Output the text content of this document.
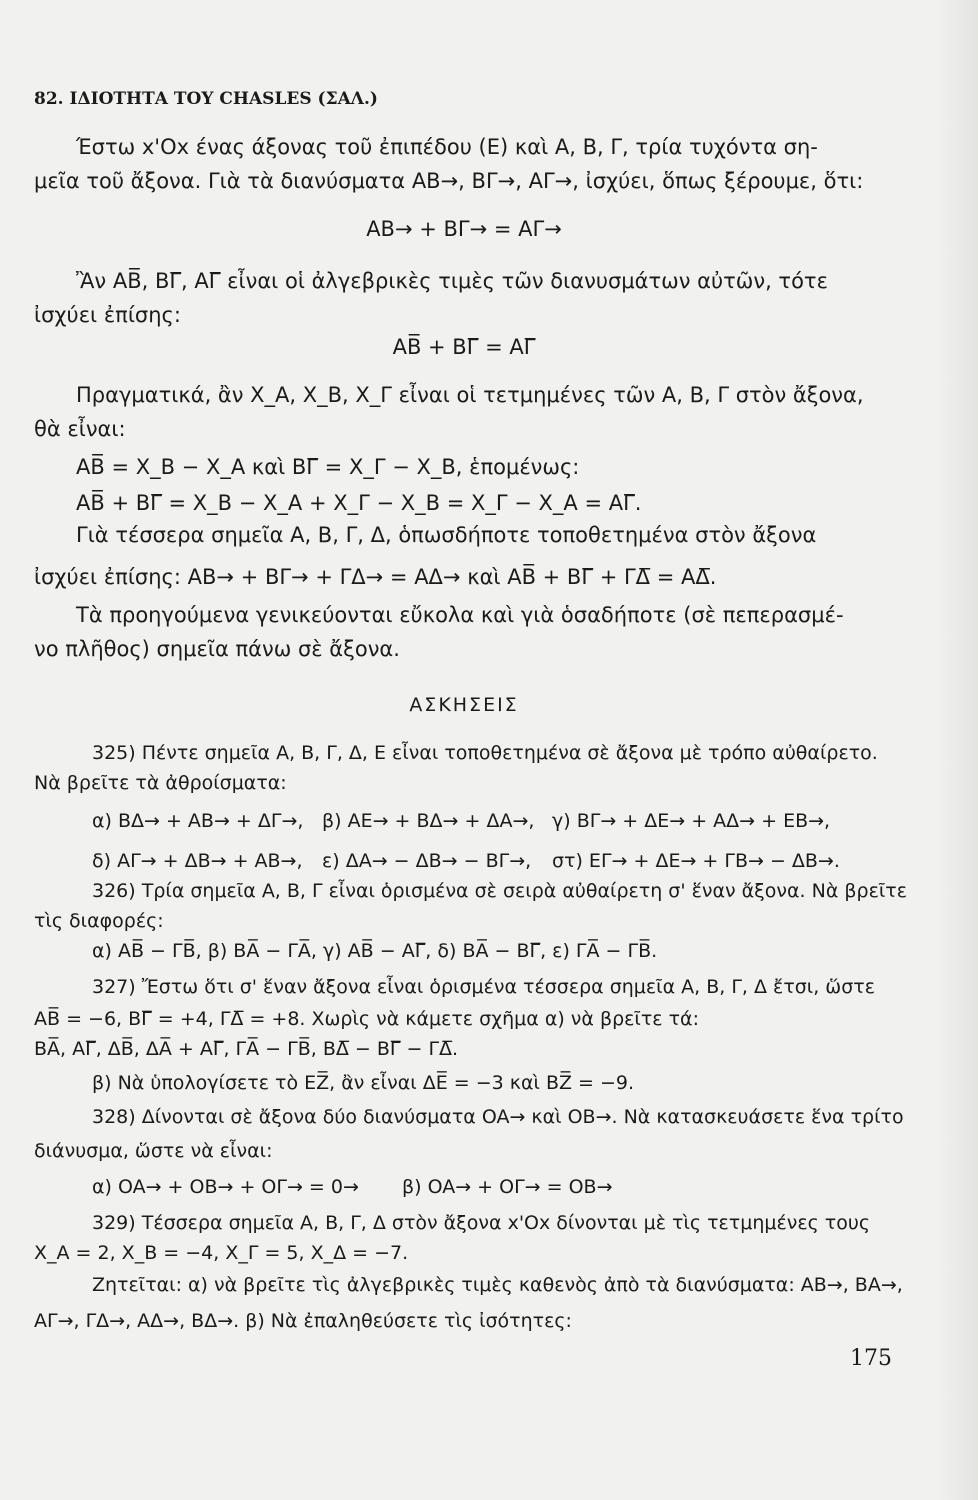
82. ΙΔΙΟΤΗΤΑ ΤΟΥ CHASLES (ΣΑΛ.)
Έστω x'Ox ένας άξονας τοῦ ἐπιπέδου (Ε) καὶ Α, Β, Γ, τρία τυχόντα ση-
μεῖα τοῦ ἄξονα. Γιὰ τὰ διανύσματα AB→, BΓ→, AΓ→, ἰσχύει, ὅπως ξέρουμε, ὅτι:
AB→ + BΓ→ = AΓ→
Ἂν AB̅, BΓ̅, AΓ̅ εἶναι οἱ ἀλγεβρικὲς τιμὲς τῶν διανυσμάτων αὐτῶν, τότε
ἰσχύει ἐπίσης:
AB̅ + BΓ̅ = AΓ̅
Πραγματικά, ἂν X_A, X_B, X_Γ εἶναι οἱ τετμημένες τῶν Α, Β, Γ στὸν ἄξονα,
θὰ εἶναι:
AB̅ = X_B − X_A καὶ BΓ̅ = X_Γ − X_B, ἑπομένως:
AB̅ + BΓ̅ = X_B − X_A + X_Γ − X_B = X_Γ − X_A = AΓ̅.
Γιὰ τέσσερα σημεῖα Α, Β, Γ, Δ, ὁπωσδήποτε τοποθετημένα στὸν ἄξονα
ἰσχύει ἐπίσης: AB→ + BΓ→ + ΓΔ→ = AΔ→ καὶ AB̅ + BΓ̅ + ΓΔ̅ = AΔ̅.
Τὰ προηγούμενα γενικεύονται εὔκολα καὶ γιὰ ὁσαδήποτε (σὲ πεπερασμέ-
νο πλῆθος) σημεῖα πάνω σὲ ἄξονα.
ΑΣΚΗΣΕΙΣ
325) Πέντε σημεῖα Α, Β, Γ, Δ, Ε εἶναι τοποθετημένα σὲ ἄξονα μὲ τρόπο αὐθαίρετο.
Νὰ βρεῖτε τὰ ἀθροίσματα:
α) BΔ→ + AB→ + ΔΓ→, β) AE→ + BΔ→ + ΔA→, γ) BΓ→ + ΔE→ + AΔ→ + EB→,
δ) AΓ→ + ΔB→ + AB→, ε) ΔA→ − ΔB→ − BΓ→, στ) EΓ→ + ΔE→ + ΓB→ − ΔB→.
326) Τρία σημεῖα Α, Β, Γ εἶναι ὁρισμένα σὲ σειρὰ αὐθαίρετη σ' ἕναν ἄξονα. Νὰ βρεῖτε
τὶς διαφορές:
α) AB̅ − ΓB̅, β) BA̅ − ΓA̅, γ) AB̅ − AΓ̅, δ) BA̅ − BΓ̅, ε) ΓA̅ − ΓB̅.
327) Ἔστω ὅτι σ' ἕναν ἄξονα εἶναι ὁρισμένα τέσσερα σημεῖα Α, Β, Γ, Δ ἔτσι, ὥστε
AB̅ = −6, BΓ̅ = +4, ΓΔ̅ = +8. Χωρὶς νὰ κάμετε σχῆμα α) νὰ βρεῖτε τά:
BA̅, AΓ̅, ΔB̅, ΔA̅ + AΓ̅, ΓA̅ − ΓB̅, BΔ̅ − BΓ̅ − ΓΔ̅.
β) Νὰ ὑπολογίσετε τὸ EZ̅, ἂν εἶναι ΔE̅ = −3 καὶ BZ̅ = −9.
328) Δίνονται σὲ ἄξονα δύο διανύσματα OA→ καὶ OB→. Νὰ κατασκευάσετε ἕνα τρίτο
διάνυσμα, ὥστε νὰ εἶναι:
α) OA→ + OB→ + OΓ→ = 0→ β) OA→ + OΓ→ = OB→
329) Τέσσερα σημεῖα Α, Β, Γ, Δ στὸν ἄξονα x'Ox δίνονται μὲ τὶς τετμημένες τους
X_A = 2, X_B = −4, X_Γ = 5, X_Δ = −7.
Ζητεῖται: α) νὰ βρεῖτε τὶς ἀλγεβρικὲς τιμὲς καθενὸς ἀπὸ τὰ διανύσματα: AB→, BA→,
AΓ→, ΓΔ→, AΔ→, BΔ→. β) Νὰ ἐπαληθεύσετε τὶς ἰσότητες:
175
